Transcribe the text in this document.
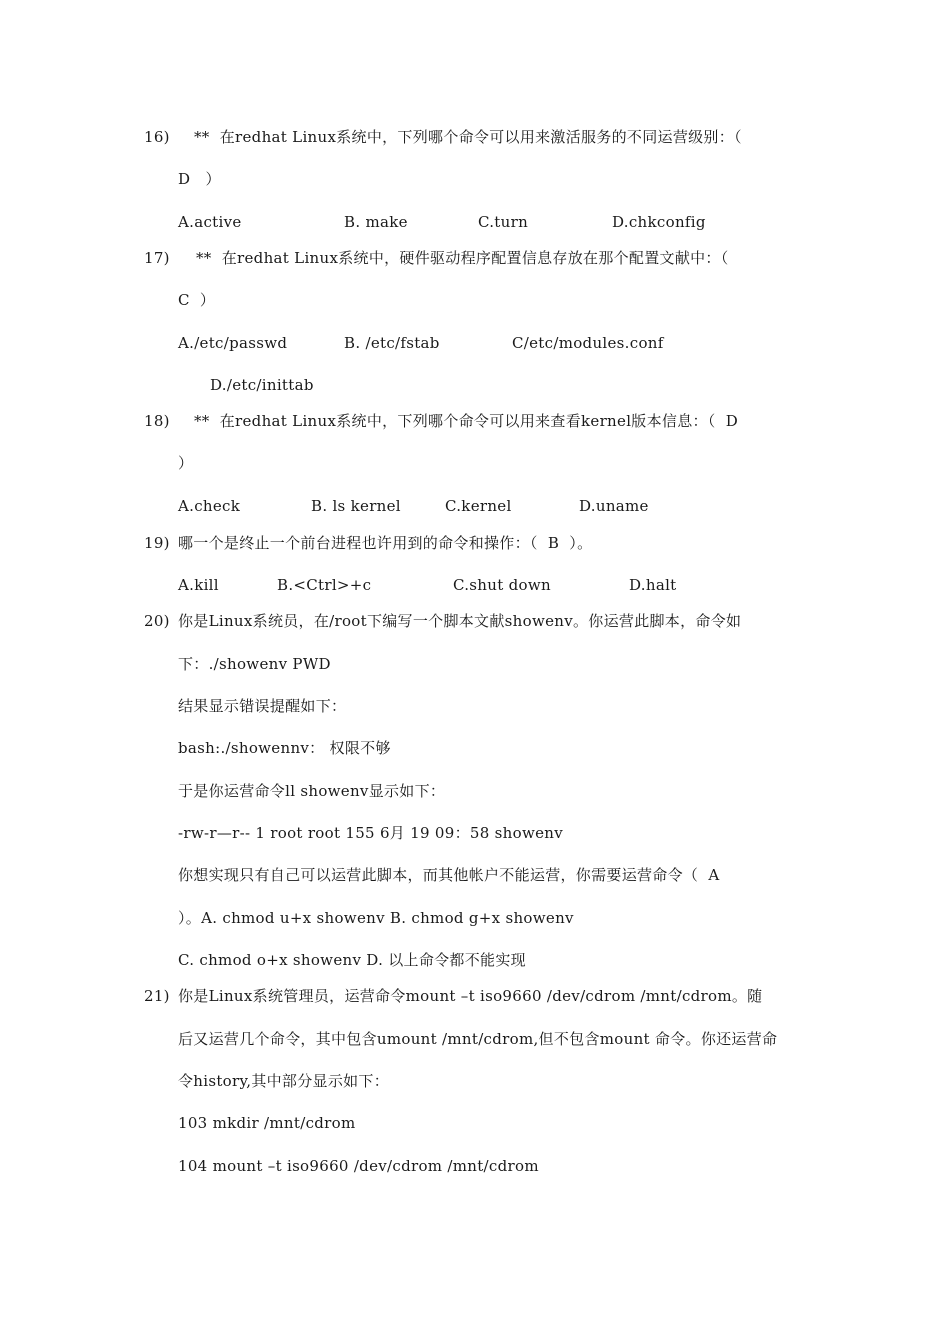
16) **  在redhat Linux系统中，下列哪个命令可以用来激活服务的不同运营级别：（
D   ）
A.active	B. make	C.turn	D.chkconfig
17) **  在redhat Linux系统中，硬件驱动程序配置信息存放在那个配置文献中：（
C  ）
A./etc/passwd	B. /etc/fstab	C/etc/modules.conf
D./etc/inittab
18) **  在redhat Linux系统中，下列哪个命令可以用来查看kernel版本信息：（  D
）
A.check	B. ls kernel	C.kernel	D.uname
19) 哪一个是终止一个前台进程也许用到的命令和操作：（  B  ）。
A.kill	B.<Ctrl>+c	C.shut down	D.halt
20) 你是Linux系统员，在/root下编写一个脚本文献showenv。你运营此脚本，命令如
下：./showenv PWD
结果显示错误提醒如下：
bash:./showennv： 权限不够
于是你运营命令ll showenv显示如下：
-rw-r—r-- 1 root root 155 6月 19 09：58 showenv
你想实现只有自己可以运营此脚本，而其他帐户不能运营，你需要运营命令（  A
）。A. chmod u+x showenv B. chmod g+x showenv
C. chmod o+x showenv D. 以上命令都不能实现
21) 你是Linux系统管理员，运营命令mount –t iso9660 /dev/cdrom /mnt/cdrom。随
后又运营几个命令，其中包含umount /mnt/cdrom,但不包含mount 命令。你还运营命
令history,其中部分显示如下：
103 mkdir /mnt/cdrom
104 mount –t iso9660 /dev/cdrom /mnt/cdrom
